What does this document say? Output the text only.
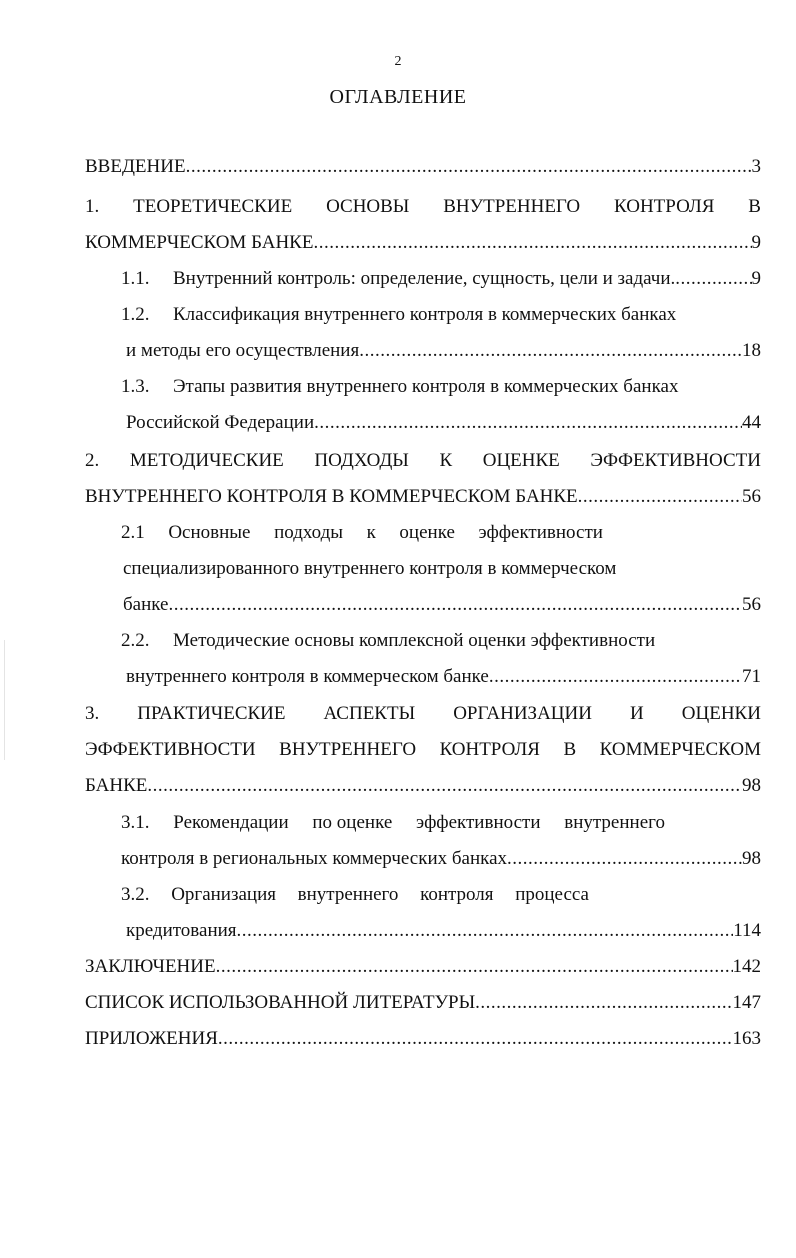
2
ОГЛАВЛЕНИЕ
ВВЕДЕНИЕ .....	3
1. ТЕОРЕТИЧЕСКИЕ ОСНОВЫ ВНУТРЕННЕГО КОНТРОЛЯ В
КОММЕРЧЕСКОМ БАНКЕ .....	9
1.1. Внутренний контроль: определение, сущность, цели и задачи. .....	9
1.2. Классификация внутреннего контроля в коммерческих банках
и методы его осуществления .....	18
1.3. Этапы развития внутреннего контроля в коммерческих банках
Российской Федерации .....	44
2. МЕТОДИЧЕСКИЕ ПОДХОДЫ К ОЦЕНКЕ ЭФФЕКТИВНОСТИ
ВНУТРЕННЕГО КОНТРОЛЯ В КОММЕРЧЕСКОМ БАНКЕ .....	56
2.1 Основные подходы к оценке эффективности
специализированного внутреннего контроля в коммерческом
банке .....	56
2.2. Методические основы комплексной оценки эффективности
внутреннего контроля в коммерческом банке .....	71
3. ПРАКТИЧЕСКИЕ АСПЕКТЫ ОРГАНИЗАЦИИ И ОЦЕНКИ
ЭФФЕКТИВНОСТИ ВНУТРЕННЕГО КОНТРОЛЯ В КОММЕРЧЕСКОМ
БАНКЕ .....	98
3.1. Рекомендации по оценке эффективности внутреннего
контроля в региональных коммерческих банках .....	98
3.2. Организация внутреннего контроля процесса
кредитования .....	114
ЗАКЛЮЧЕНИЕ .....	142
СПИСОК ИСПОЛЬЗОВАННОЙ ЛИТЕРАТУРЫ .....	147
ПРИЛОЖЕНИЯ .....	163
